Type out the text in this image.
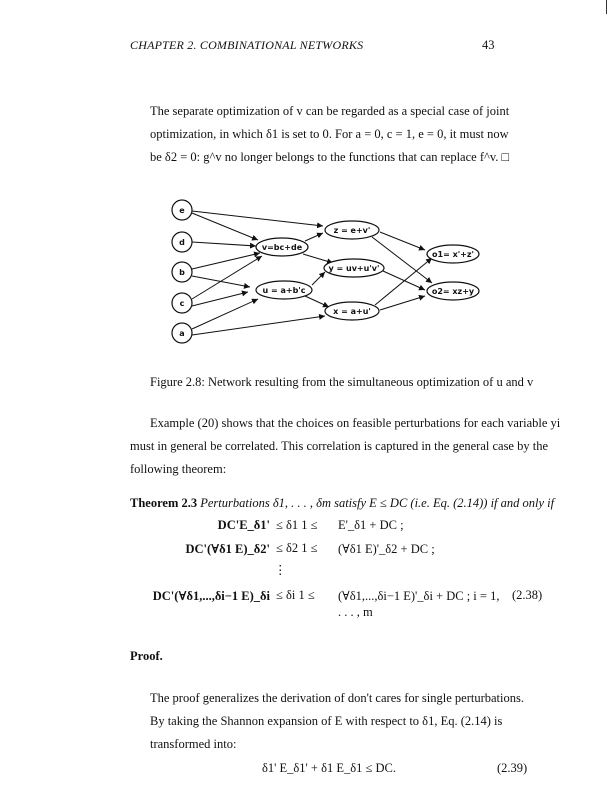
CHAPTER 2. COMBINATIONAL NETWORKS	43
The separate optimization of v can be regarded as a special case of joint
optimization, in which δ1 is set to 0. For a = 0, c = 1, e = 0, it must now
be δ2 = 0: g^v no longer belongs to the functions that can replace f^v. □
e
d
b
c
a
v=bc+de
u = a+b'c
z = e+v'
y = uv+u'v'
x = a+u'
o1= x'+z'
o2= xz+y
Figure 2.8: Network resulting from the simultaneous optimization of u and v
Example (20) shows that the choices on feasible perturbations for each variable yi
must in general be correlated. This correlation is captured in the general case by the
following theorem:
Theorem 2.3 Perturbations δ1, . . . , δm satisfy E ≤ DC (i.e. Eq. (2.14)) if and only if
DC'E_δ1' ≤ δ1 1 ≤ E'_δ1 + DC ;
DC'(∀δ1 E)_δ2' ≤ δ2 1 ≤ (∀δ1 E)'_δ2 + DC ;
⋮
DC'(∀δ1,...,δi−1 E)_δi ≤ δi 1 ≤ (∀δ1,...,δi−1 E)'_δi + DC ; i = 1, . . . , m
(2.38)
Proof.
The proof generalizes the derivation of don't cares for single perturbations.
By taking the Shannon expansion of E with respect to δ1, Eq. (2.14) is
transformed into:
δ1' E_δ1' + δ1 E_δ1 ≤ DC.	(2.39)
